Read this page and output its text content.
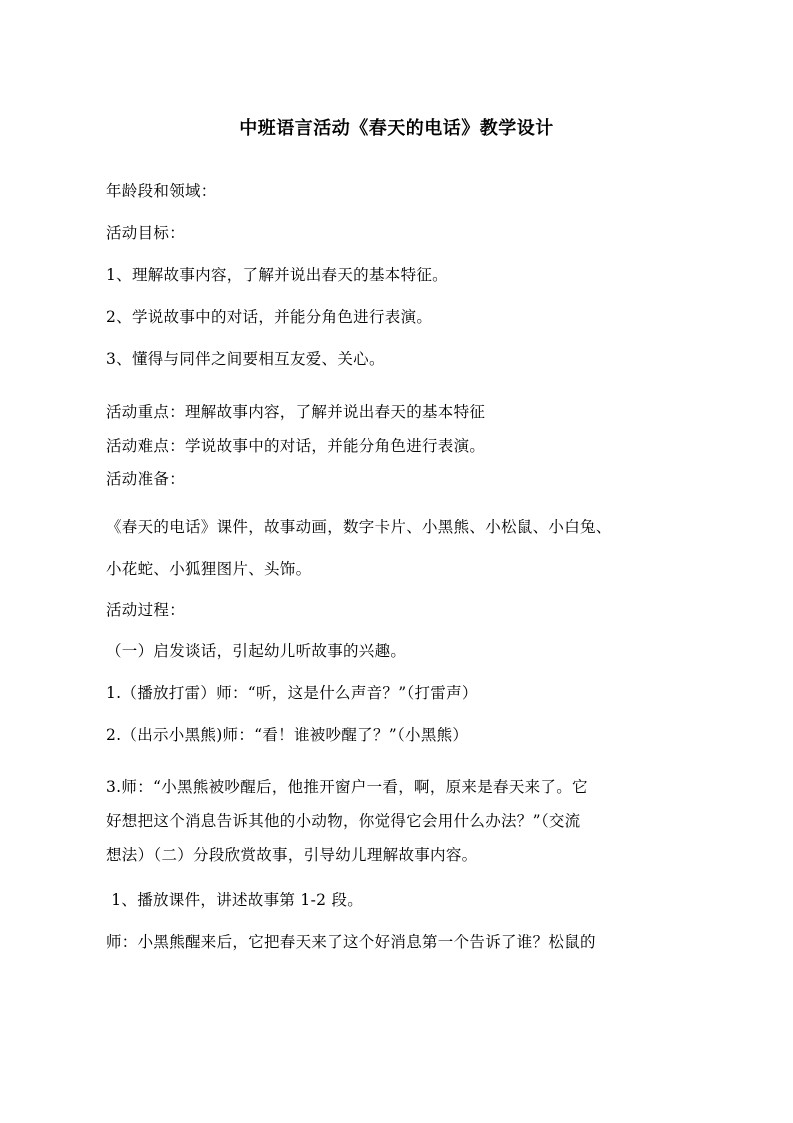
中班语言活动《春天的电话》教学设计
年龄段和领域：
活动目标：
1、理解故事内容，了解并说出春天的基本特征。
2、学说故事中的对话，并能分角色进行表演。
3、懂得与同伴之间要相互友爱、关心。
活动重点：理解故事内容，了解并说出春天的基本特征
活动难点：学说故事中的对话，并能分角色进行表演。
活动准备：
《春天的电话》课件，故事动画，数字卡片、小黑熊、小松鼠、小白兔、
小花蛇、小狐狸图片、头饰。
活动过程：
（一）启发谈话，引起幼儿听故事的兴趣。
1.（播放打雷）师：“听，这是什么声音？”（打雷声）
2.（出示小黑熊)师：“看！谁被吵醒了？”（小黑熊）
3.师：“小黑熊被吵醒后，他推开窗户一看，啊，原来是春天来了。它
好想把这个消息告诉其他的小动物，你觉得它会用什么办法？”（交流
想法）（二）分段欣赏故事，引导幼儿理解故事内容。
1、播放课件，讲述故事第 1-2 段。
师：小黑熊醒来后，它把春天来了这个好消息第一个告诉了谁？松鼠的
